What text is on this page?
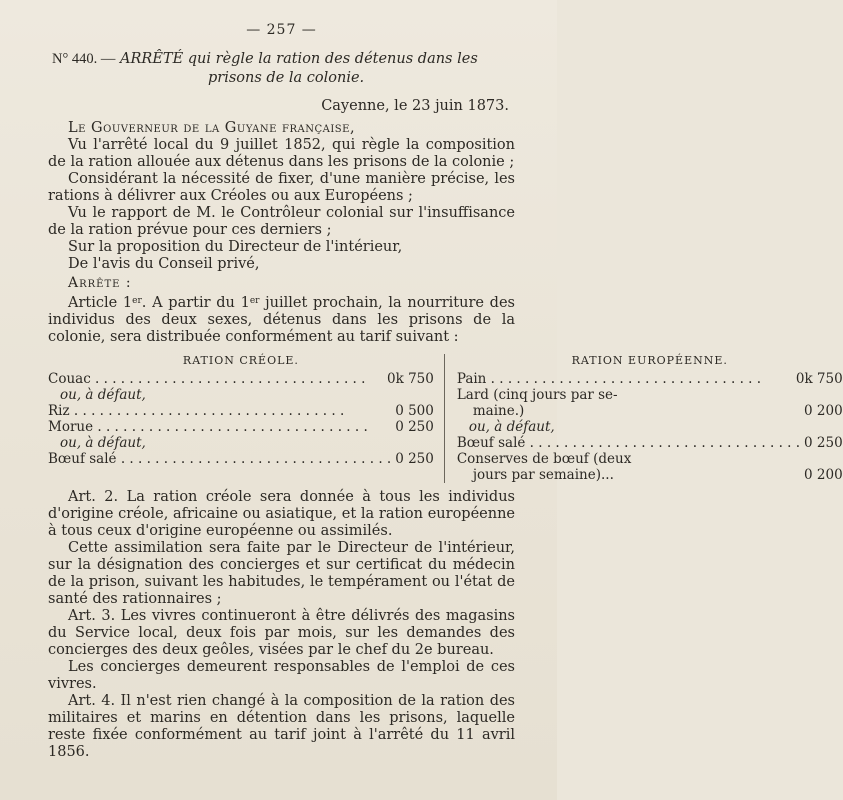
— 257 —
N° 440. — ARRÊTÉ qui règle la ration des détenus dans les
prisons de la colonie.
Cayenne, le 23 juin 1873.

Le Gouverneur de la Guyane française,

Vu l'arrêté local du 9 juillet 1852, qui règle la composition de la ration allouée aux détenus dans les prisons de la colonie ;

Considérant la nécessité de fixer, d'une manière précise, les rations à délivrer aux Créoles ou aux Européens ;

Vu le rapport de M. le Contrôleur colonial sur l'insuffisance de la ration prévue pour ces derniers ;

Sur la proposition du Directeur de l'intérieur,

De l'avis du Conseil privé,

Arrête :

Article 1er. A partir du 1er juillet prochain, la nourriture des individus des deux sexes, détenus dans les prisons de la colonie, sera distribuée conformément au tarif suivant :

RATION CRÉOLE.
Couac . . .	0k 750
ou, à défaut,
Riz . . .	0 500
Morue . . .	0 250
ou, à défaut,
Bœuf salé . . .	0 250
RATION EUROPÉENNE.
Pain . . .	0k 750
Lard (cinq jours par se-
maine.)	0 200
ou, à défaut,
Bœuf salé . . .	0 250
Conserves de bœuf (deux
jours par semaine)...	0 200

Art. 2. La ration créole sera donnée à tous les individus d'origine créole, africaine ou asiatique, et la ration européenne à tous ceux d'origine européenne ou assimilés.

Cette assimilation sera faite par le Directeur de l'intérieur, sur la désignation des concierges et sur certificat du médecin de la prison, suivant les habitudes, le tempérament ou l'état de santé des rationnaires ;

Art. 3. Les vivres continueront à être délivrés des magasins du Service local, deux fois par mois, sur les demandes des concierges des deux geôles, visées par le chef du 2e bureau.

Les concierges demeurent responsables de l'emploi de ces vivres.

Art. 4. Il n'est rien changé à la composition de la ration des militaires et marins en détention dans les prisons, laquelle reste fixée conformément au tarif joint à l'arrêté du 11 avril 1856.
